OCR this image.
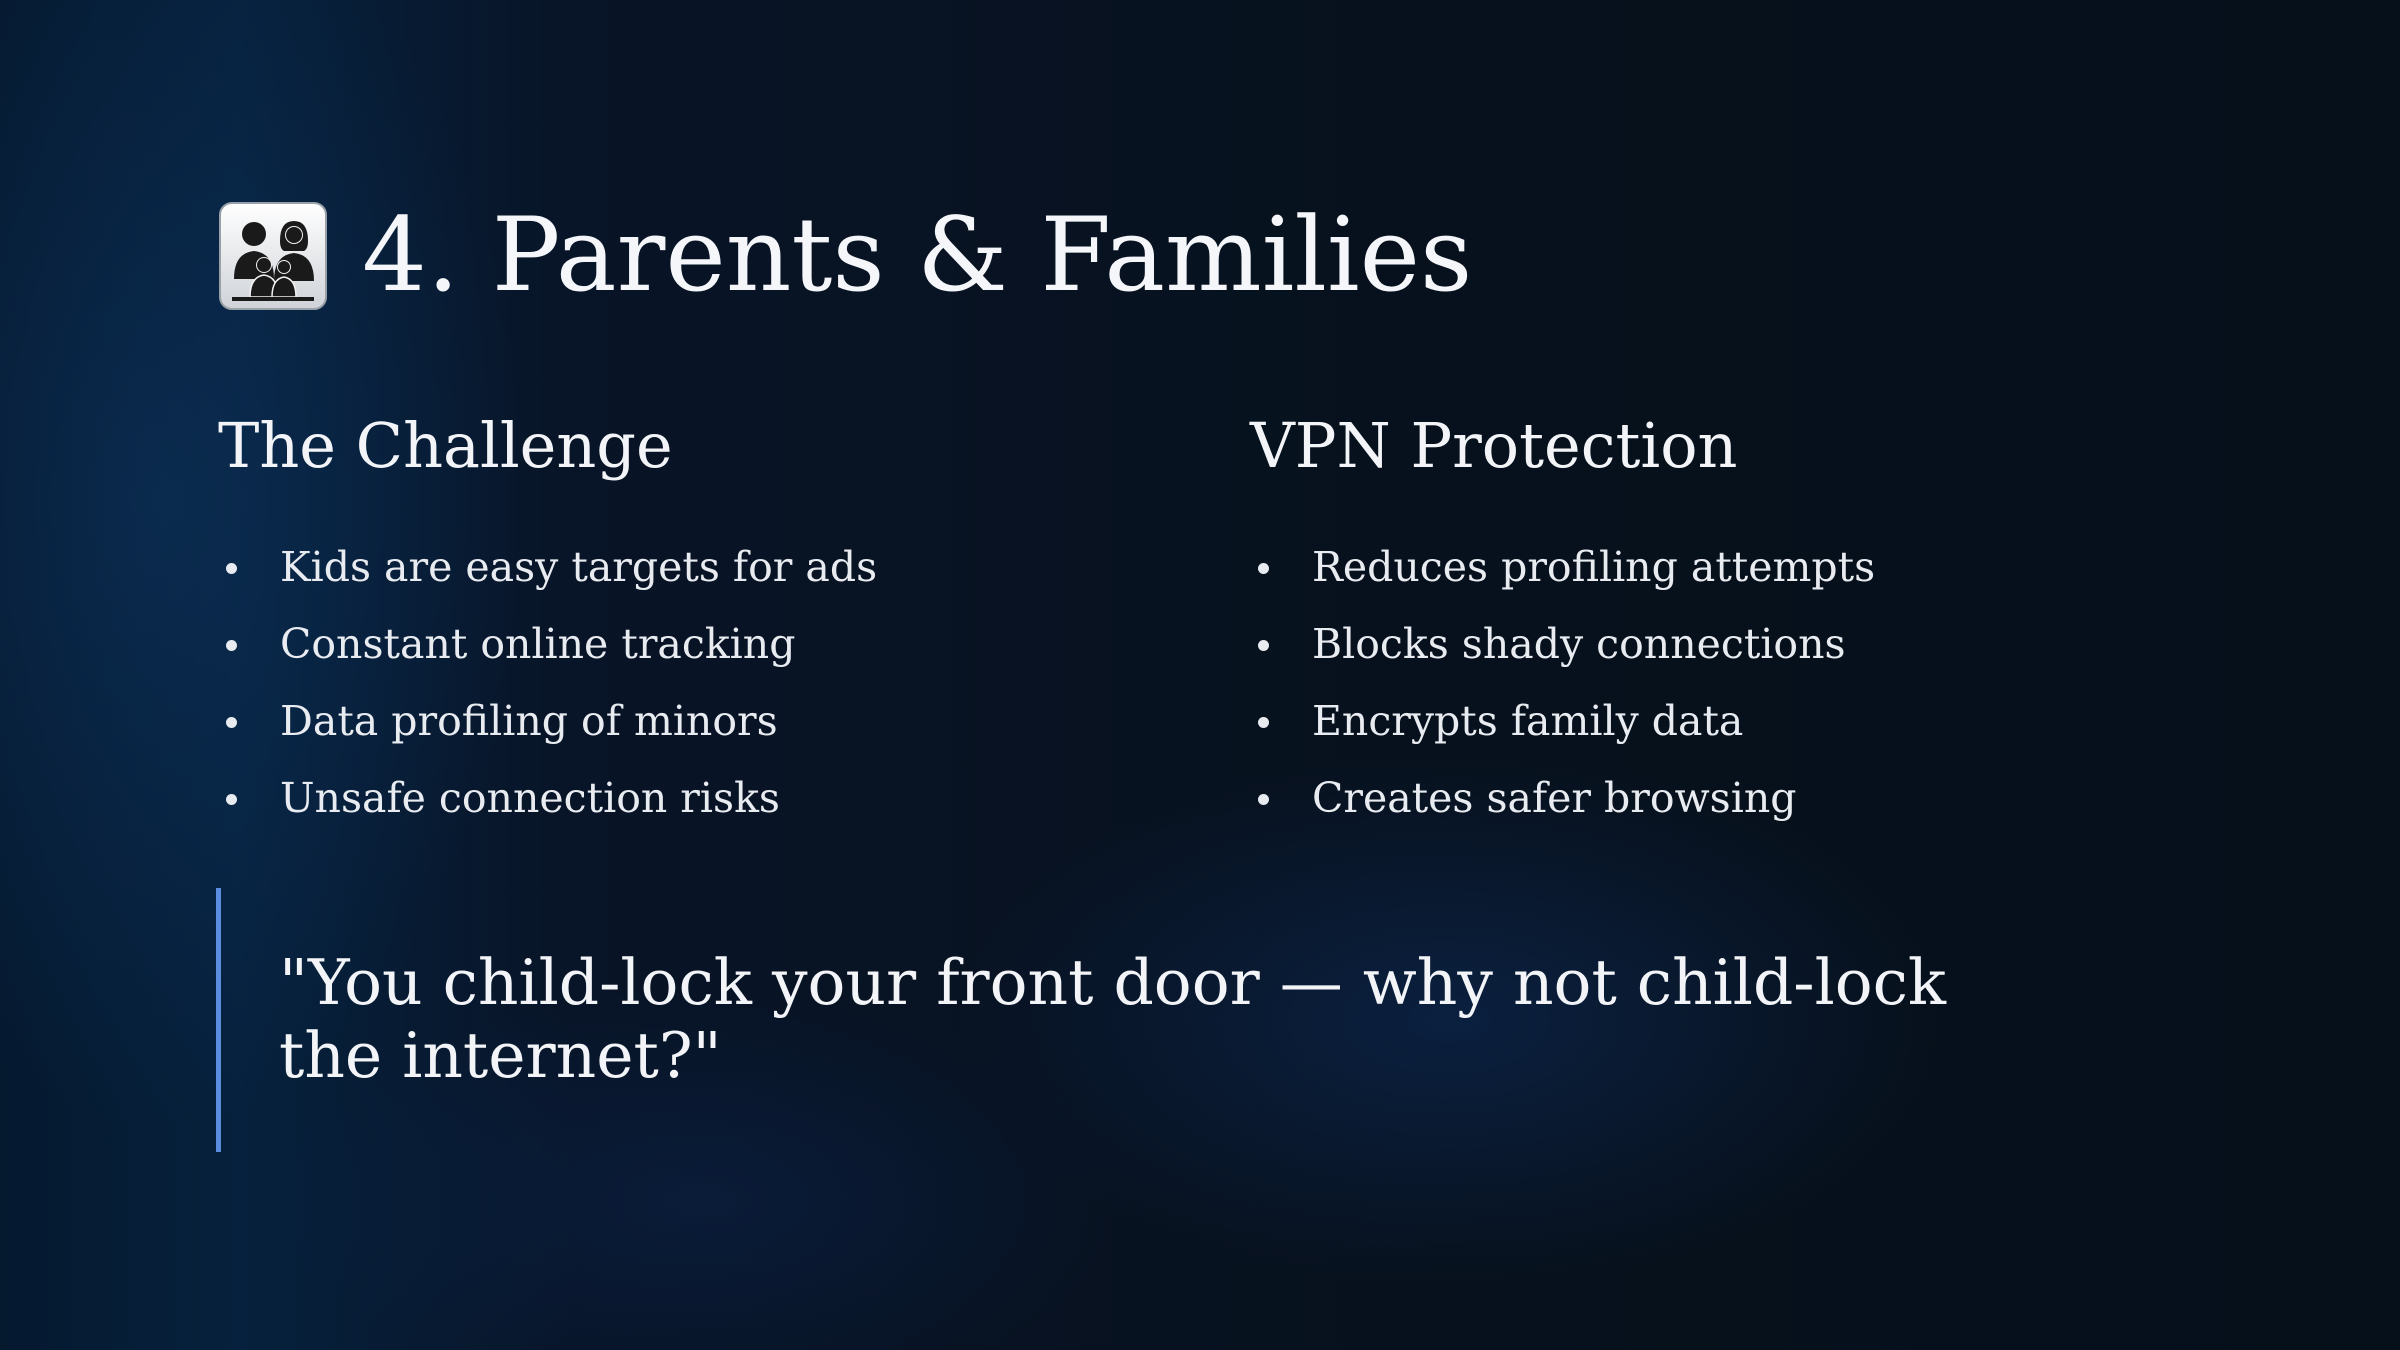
4. Parents & Families
The Challenge
Kids are easy targets for ads
Constant online tracking
Data profiling of minors
Unsafe connection risks
VPN Protection
Reduces profiling attempts
Blocks shady connections
Encrypts family data
Creates safer browsing
"You child-lock your front door — why not child-lock the internet?"
